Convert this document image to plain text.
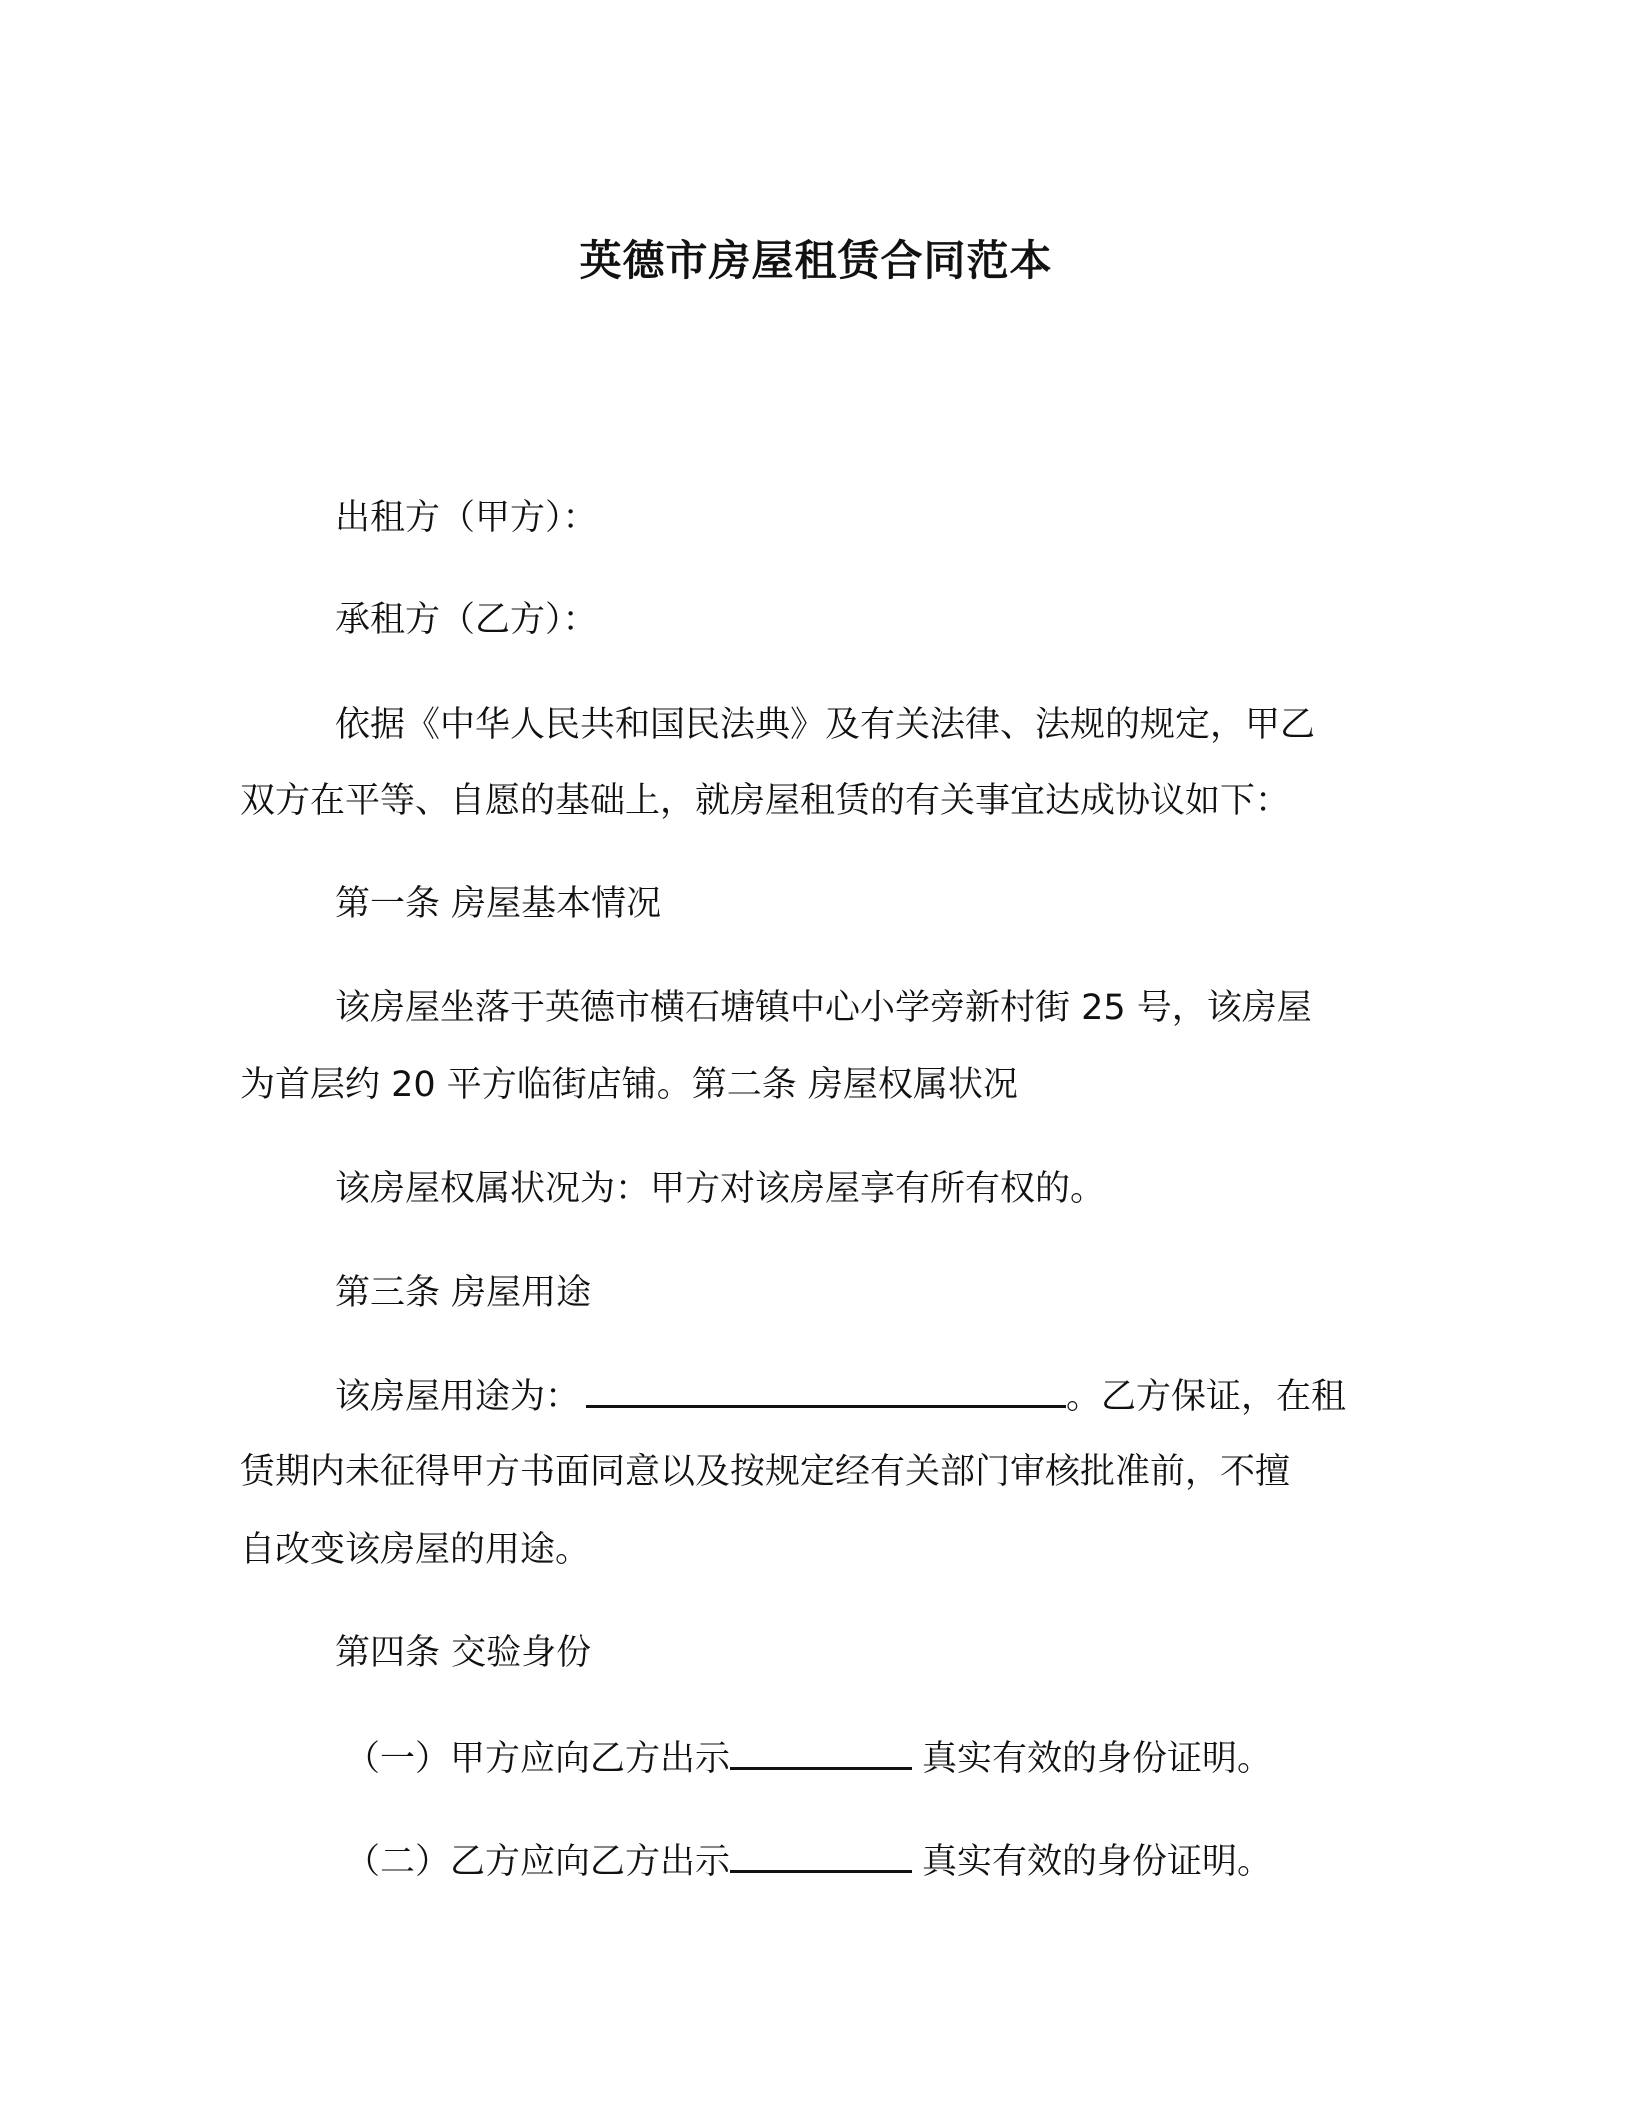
英德市房屋租赁合同范本
出租方（甲方）：
承租方（乙方）：
依据《中华人民共和国民法典》及有关法律、法规的规定，甲乙
双方在平等、自愿的基础上，就房屋租赁的有关事宜达成协议如下：
第一条 房屋基本情况
该房屋坐落于英德市横石塘镇中心小学旁新村街 25 号，该房屋
为首层约 20 平方临街店铺。第二条 房屋权属状况
该房屋权属状况为：甲方对该房屋享有所有权的。
第三条 房屋用途
该房屋用途为：	。乙方保证，在租
赁期内未征得甲方书面同意以及按规定经有关部门审核批准前，不擅
自改变该房屋的用途。
第四条 交验身份
（一）甲方应向乙方出示	真实有效的身份证明。
（二）乙方应向乙方出示	真实有效的身份证明。
